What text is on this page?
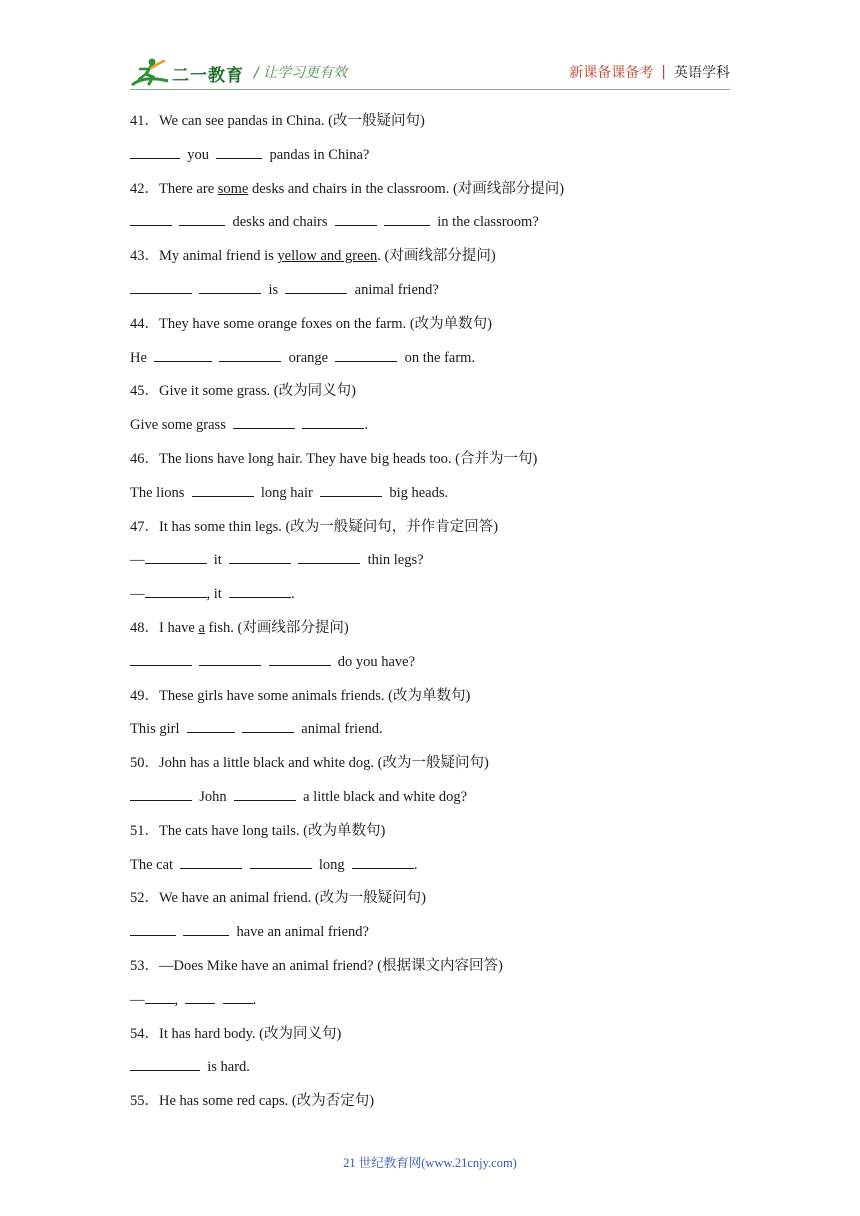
二一教育 / 让学习更有效	新课备课备考 | 英语学科
41．We can see pandas in China. (改一般疑问句)
you	pandas in China?
42．There are some desks and chairs in the classroom. (对画线部分提问)
desks and chairs	in the classroom?
43．My animal friend is yellow and green. (对画线部分提问)
is	animal friend?
44．They have some orange foxes on the farm. (改为单数句)
He	orange	on the farm.
45．Give it some grass. (改为同义句)
Give some grass	.
46．The lions have long hair. They have big heads too. (合并为一句)
The lions	long hair	big heads.
47．It has some thin legs. (改为一般疑问句，并作肯定回答)
—	it	thin legs?
—	, it	.
48．I have a fish. (对画线部分提问)
do you have?
49．These girls have some animals friends. (改为单数句)
This girl	animal friend.
50．John has a little black and white dog. (改为一般疑问句)
John	a little black and white dog?
51．The cats have long tails. (改为单数句)
The cat	long	.
52．We have an animal friend. (改为一般疑问句)
have an animal friend?
53．—Does Mike have an animal friend? (根据课文内容回答)
— ,	.
54．It has hard body. (改为同义句)
is hard.
55．He has some red caps. (改为否定句)
21 世纪教育网(www.21cnjy.com)
